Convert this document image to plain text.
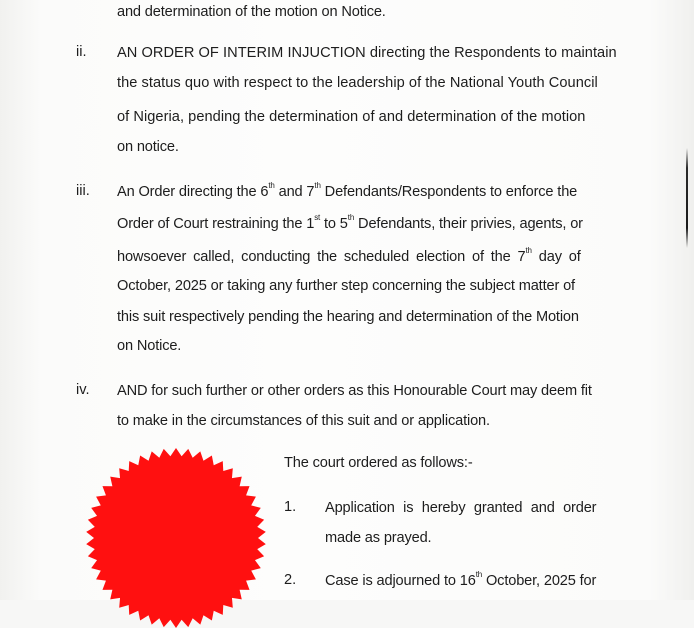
and determination of the motion on Notice.
ii. AN ORDER OF INTERIM INJUCTION directing the Respondents to maintain
the status quo with respect to the leadership of the National Youth Council
of Nigeria, pending the determination of and determination of the motion
on notice.
iii. An Order directing the 6th and 7th Defendants/Respondents to enforce the
Order of Court restraining the 1st to 5th Defendants, their privies, agents, or
howsoever called, conducting the scheduled election of the 7th day of
October, 2025 or taking any further step concerning the subject matter of
this suit respectively pending the hearing and determination of the Motion
on Notice.
iv. AND for such further or other orders as this Honourable Court may deem fit
to make in the circumstances of this suit and or application.
The court ordered as follows:-
1. Application is hereby granted and order
made as prayed.
2. Case is adjourned to 16th October, 2025 for
